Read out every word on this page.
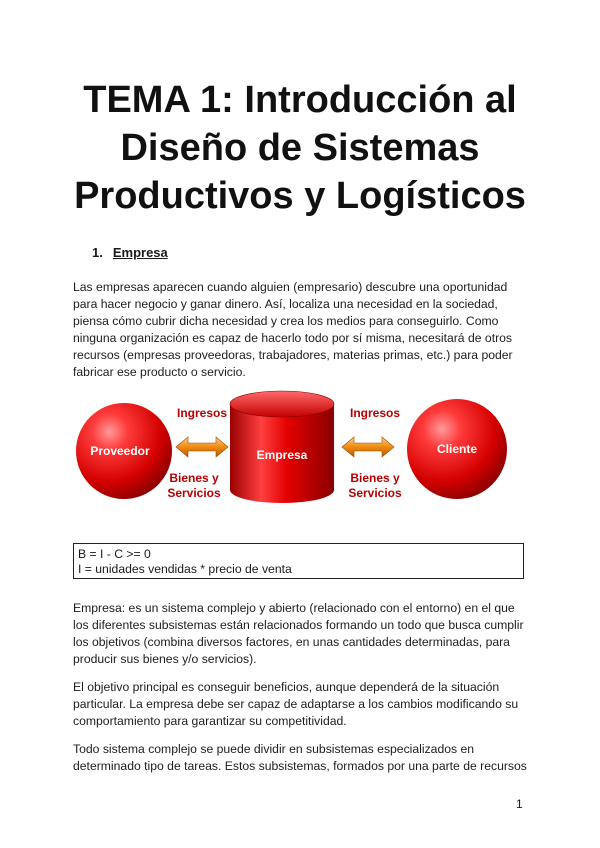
TEMA 1: Introducción al
Diseño de Sistemas
Productivos y Logísticos
1. Empresa

Las empresas aparecen cuando alguien (empresario) descubre una oportunidad
para hacer negocio y ganar dinero. Así, localiza una necesidad en la sociedad,
piensa cómo cubrir dicha necesidad y crea los medios para conseguirlo. Como
ninguna organización es capaz de hacerlo todo por sí misma, necesitará de otros
recursos (empresas proveedoras, trabajadores, materias primas, etc.) para poder
fabricar ese producto o servicio.

Proveedor
Ingresos
Bienes y
Servicios
Empresa
Ingresos
Bienes y
Servicios
Cliente
B = I - C >= 0
I = unidades vendidas * precio de venta

Empresa: es un sistema complejo y abierto (relacionado con el entorno) en el que
los diferentes subsistemas están relacionados formando un todo que busca cumplir
los objetivos (combina diversos factores, en unas cantidades determinadas, para
producir sus bienes y/o servicios).

El objetivo principal es conseguir beneficios, aunque dependerá de la situación
particular. La empresa debe ser capaz de adaptarse a los cambios modificando su
comportamiento para garantizar su competitividad.

Todo sistema complejo se puede dividir en subsistemas especializados en
determinado tipo de tareas. Estos subsistemas, formados por una parte de recursos

1
